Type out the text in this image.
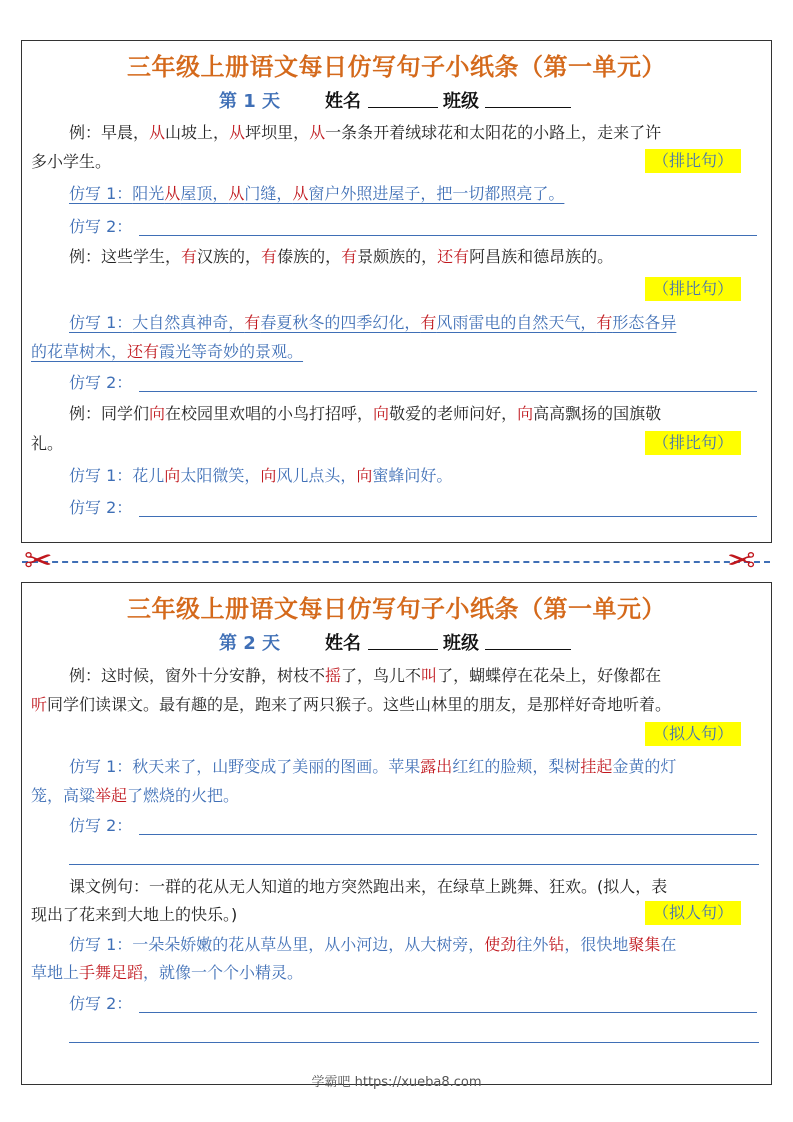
三年级上册语文每日仿写句子小纸条（第一单元）
第 1 天 姓名	班级
例：早晨，从山坡上，从坪坝里，从一条条开着绒球花和太阳花的小路上，走来了许
多小学生。	（排比句）
仿写 1：阳光从屋顶，从门缝，从窗户外照进屋子，把一切都照亮了。
仿写 2：
例：这些学生，有汉族的，有傣族的，有景颇族的，还有阿昌族和德昂族的。
（排比句）
仿写 1：大自然真神奇，有春夏秋冬的四季幻化，有风雨雷电的自然天气，有形态各异
的花草树木，还有霞光等奇妙的景观。
仿写 2：
例：同学们向在校园里欢唱的小鸟打招呼，向敬爱的老师问好，向高高飘扬的国旗敬
礼。	（排比句）
仿写 1：花儿向太阳微笑，向风儿点头，向蜜蜂问好。
仿写 2：
✂	✂
三年级上册语文每日仿写句子小纸条（第一单元）
第 2 天 姓名	班级
例：这时候，窗外十分安静，树枝不摇了，鸟儿不叫了，蝴蝶停在花朵上，好像都在
听同学们读课文。最有趣的是，跑来了两只猴子。这些山林里的朋友，是那样好奇地听着。
（拟人句）
仿写 1：秋天来了，山野变成了美丽的图画。苹果露出红红的脸颊，梨树挂起金黄的灯
笼，高粱举起了燃烧的火把。
仿写 2：
课文例句：一群的花从无人知道的地方突然跑出来，在绿草上跳舞、狂欢。(拟人，表
现出了花来到大地上的快乐。)	（拟人句）
仿写 1：一朵朵娇嫩的花从草丛里，从小河边，从大树旁，使劲往外钻，很快地聚集在
草地上手舞足蹈，就像一个个小精灵。
仿写 2：
学霸吧 https://xueba8.com
